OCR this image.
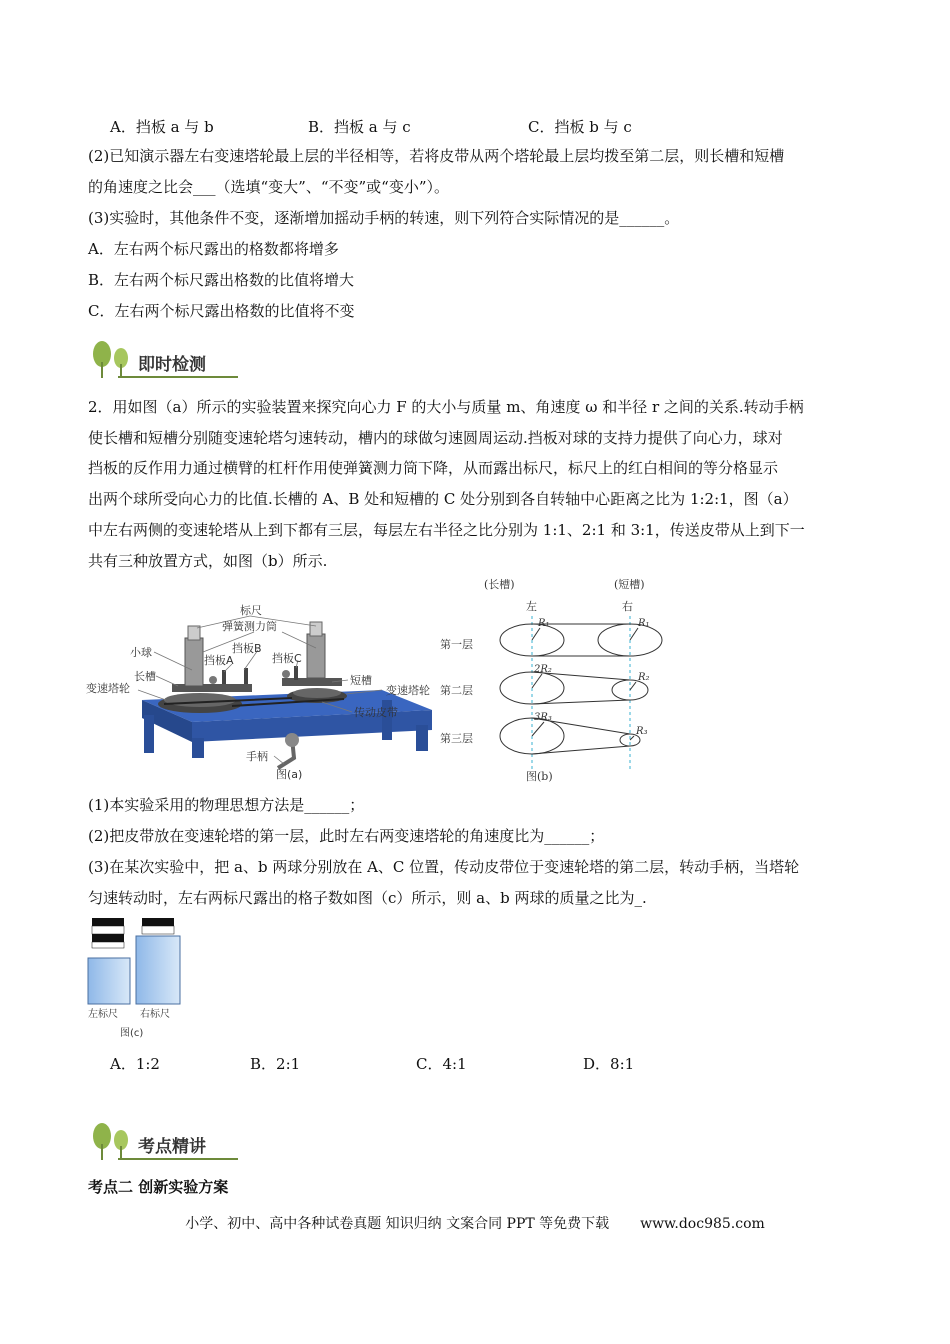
A．挡板 a 与 b	B．挡板 a 与 c	C．挡板 b 与 c
(2)已知演示器左右变速塔轮最上层的半径相等，若将皮带从两个塔轮最上层均拨至第二层，则长槽和短槽
的角速度之比会___（选填“变大”、“不变”或“变小”）。
(3)实验时，其他条件不变，逐渐增加摇动手柄的转速，则下列符合实际情况的是______。
A．左右两个标尺露出的格数都将增多
B．左右两个标尺露出格数的比值将增大
C．左右两个标尺露出格数的比值将不变
即时检测
2．用如图（a）所示的实验装置来探究向心力 F 的大小与质量 m、角速度 ω 和半径 r 之间的关系.转动手柄
使长槽和短槽分别随变速轮塔匀速转动，槽内的球做匀速圆周运动.挡板对球的支持力提供了向心力，球对
挡板的反作用力通过横臂的杠杆作用使弹簧测力筒下降，从而露出标尺，标尺上的红白相间的等分格显示
出两个球所受向心力的比值.长槽的 A、B 处和短槽的 C 处分别到各自转轴中心距离之比为 1:2:1，图（a）
中左右两侧的变速轮塔从上到下都有三层，每层左右半径之比分别为 1:1、2:1 和 3:1，传送皮带从上到下一
共有三种放置方式，如图（b）所示.
标尺
弹簧测力筒
挡板B
小球
挡板A	挡板C
长槽	短槽
变速塔轮	变速塔轮
传动皮带
手柄
图(a)
(长槽)	(短槽)
左	右
第一层
第二层
第三层
图(b)
R₁	R₁
2R₂
R₂
3R₃
R₃
(1)本实验采用的物理思想方法是______；
(2)把皮带放在变速轮塔的第一层，此时左右两变速塔轮的角速度比为______；
(3)在某次实验中，把 a、b 两球分别放在 A、C 位置，传动皮带位于变速轮塔的第二层，转动手柄，当塔轮
匀速转动时，左右两标尺露出的格子数如图（c）所示，则 a、b 两球的质量之比为_.
左标尺 右标尺
图(c)
A．1:2	B．2:1	C．4:1	D．8:1
考点精讲
考点二 创新实验方案
小学、初中、高中各种试卷真题 知识归纳 文案合同 PPT 等免费下载 www.doc985.com
